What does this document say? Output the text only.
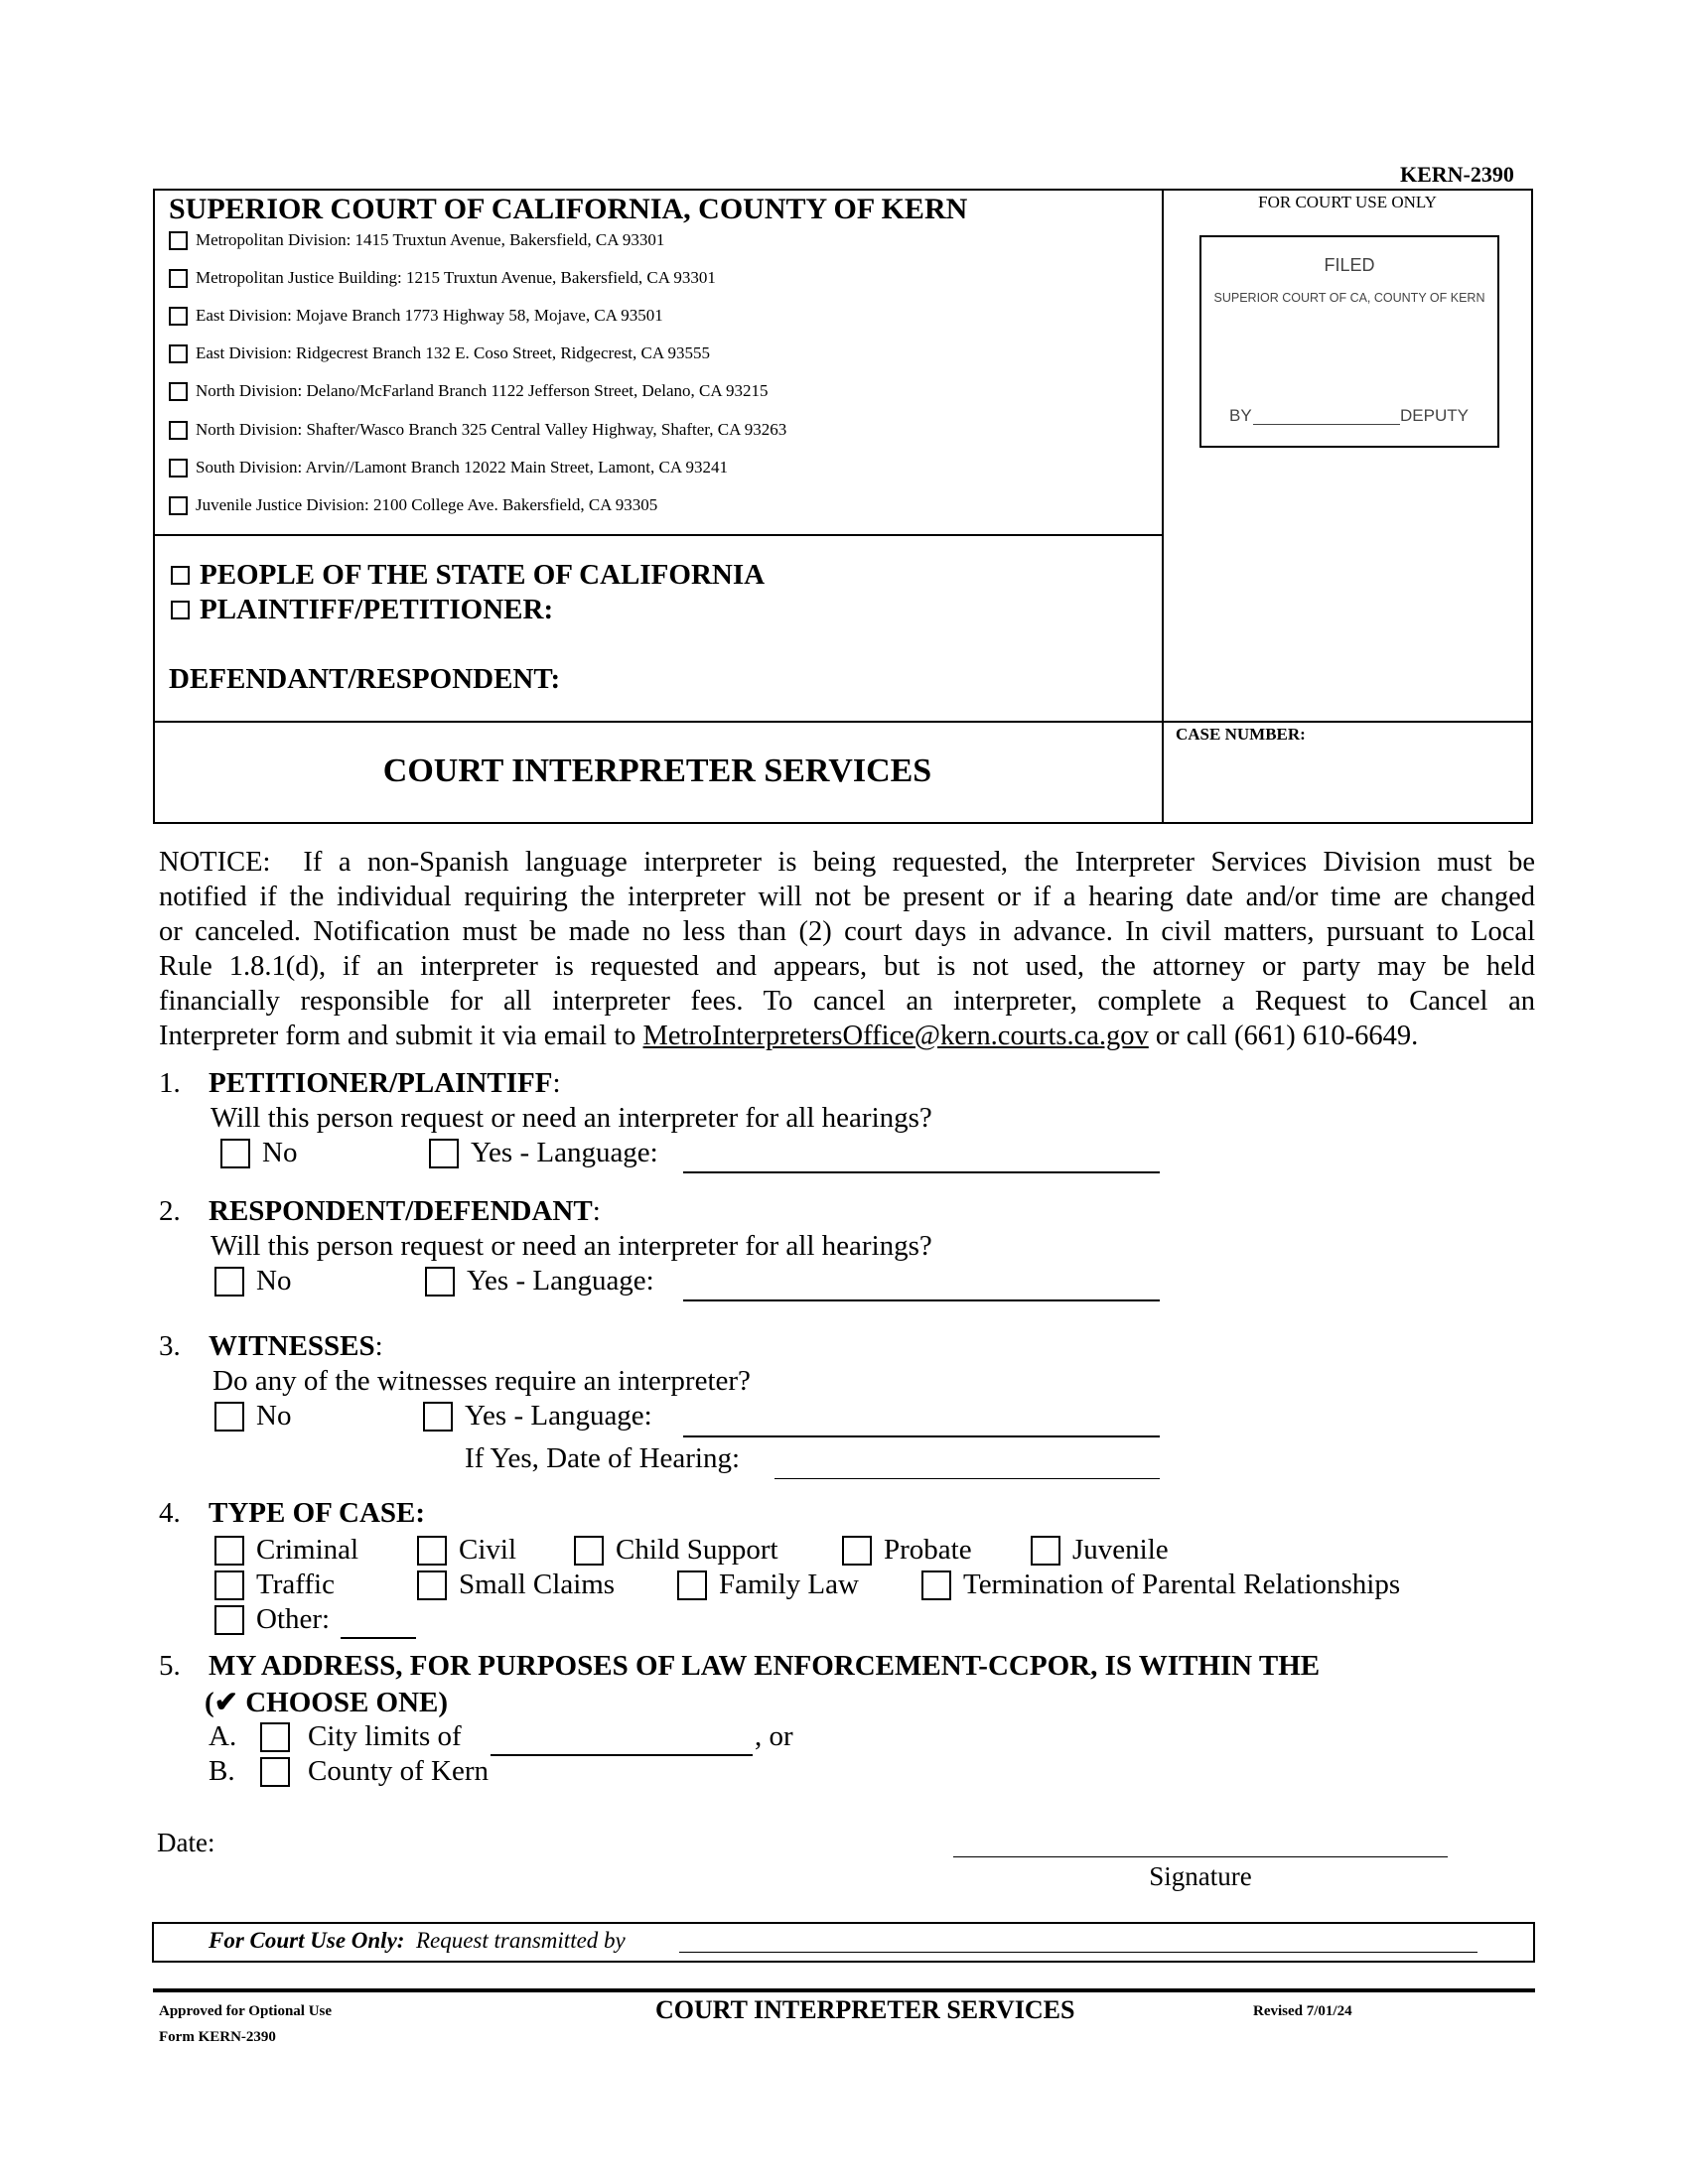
KERN-2390
SUPERIOR COURT OF CALIFORNIA, COUNTY OF KERN
Metropolitan Division: 1415 Truxtun Avenue, Bakersfield, CA 93301
Metropolitan Justice Building: 1215 Truxtun Avenue, Bakersfield, CA 93301
East Division: Mojave Branch 1773 Highway 58, Mojave, CA 93501
East Division: Ridgecrest Branch 132 E. Coso Street, Ridgecrest, CA 93555
North Division: Delano/McFarland Branch 1122 Jefferson Street, Delano, CA 93215
North Division: Shafter/Wasco Branch 325 Central Valley Highway, Shafter, CA 93263
South Division: Arvin//Lamont Branch 12022 Main Street, Lamont, CA 93241
Juvenile Justice Division: 2100 College Ave. Bakersfield, CA 93305
FOR COURT USE ONLY
FILED
SUPERIOR COURT OF CA, COUNTY OF KERN
BY	DEPUTY
PEOPLE OF THE STATE OF CALIFORNIA
PLAINTIFF/PETITIONER:
DEFENDANT/RESPONDENT:
CASE NUMBER:
COURT INTERPRETER SERVICES
NOTICE: If a non-Spanish language interpreter is being requested, the Interpreter Services Division must be
notified if the individual requiring the interpreter will not be present or if a hearing date and/or time are changed
or canceled. Notification must be made no less than (2) court days in advance. In civil matters, pursuant to Local
Rule 1.8.1(d), if an interpreter is requested and appears, but is not used, the attorney or party may be held
financially responsible for all interpreter fees. To cancel an interpreter, complete a Request to Cancel an
Interpreter form and submit it via email to MetroInterpretersOffice@kern.courts.ca.gov or call (661) 610-6649.
1. PETITIONER/PLAINTIFF:
Will this person request or need an interpreter for all hearings?
No	Yes - Language:
2. RESPONDENT/DEFENDANT:
Will this person request or need an interpreter for all hearings?
No	Yes - Language:
3. WITNESSES:
Do any of the witnesses require an interpreter?
No	Yes - Language:
If Yes, Date of Hearing:
4. TYPE OF CASE:
Criminal	Civil	Child Support	Probate	Juvenile
Traffic	Small Claims	Family Law	Termination of Parental Relationships
Other:
5. MY ADDRESS, FOR PURPOSES OF LAW ENFORCEMENT-CCPOR, IS WITHIN THE
(✔ CHOOSE ONE)
A. City limits of	, or
B.	County of Kern
Date:
Signature
For Court Use Only: Request transmitted by
Approved for Optional Use
Form KERN-2390
COURT INTERPRETER SERVICES	Revised 7/01/24
